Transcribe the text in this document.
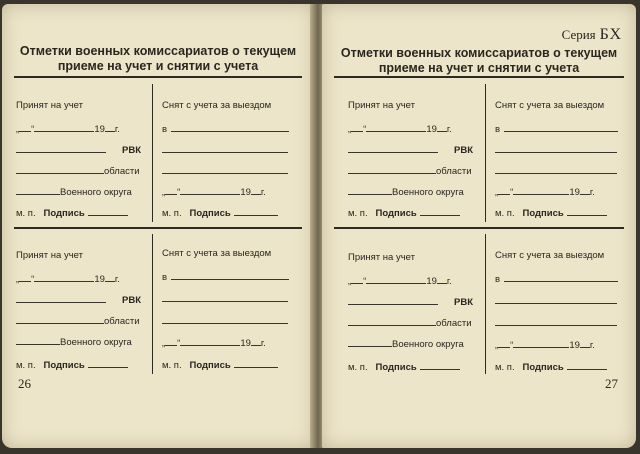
Отметки военных комиссариатов о текущем
приеме на учет и снятии с учета
Принят на учет
„ “	19 г.
РВК
области
Военного округа
м. п. Подпись
Снят с учета за выездом
в
„ “	19 г.
м. п. Подпись
Принят на учет
„ “	19 г.
РВК
области
Военного округа
м. п. Подпись
Снят с учета за выездом
в
„ “	19 г.
м. п. Подпись
26
Серия БХ
Отметки военных комиссариатов о текущем
приеме на учет и снятии с учета
Принят на учет
„ “	19 г.
РВК
области
Военного округа
м. п. Подпись
Снят с учета за выездом
в
„ “	19 г.
м. п. Подпись
Принят на учет
„ “	19 г.
РВК
области
Военного округа
м. п. Подпись
Снят с учета за выездом
в
„ “	19 г.
м. п. Подпись
27
